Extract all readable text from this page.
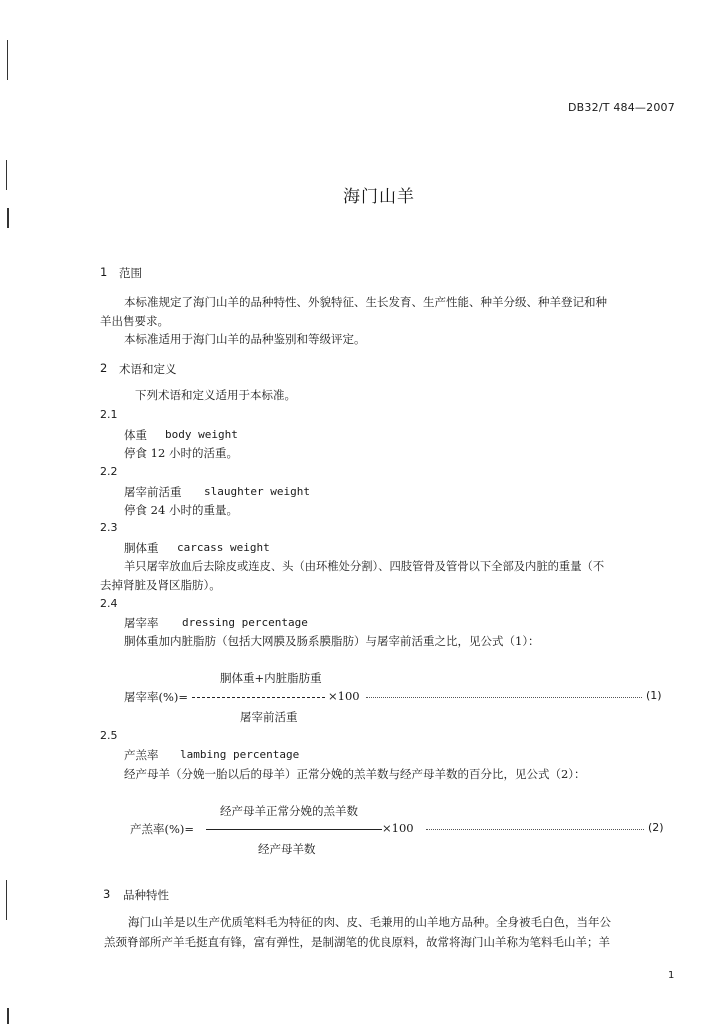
DB32/T 484—2007
海门山羊
1 范围
本标准规定了海门山羊的品种特性、外貌特征、生长发育、生产性能、种羊分级、种羊登记和种
羊出售要求。
本标准适用于海门山羊的品种鉴别和等级评定。
2 术语和定义
下列术语和定义适用于本标准。
2.1
体重 body weight
停食 12 小时的活重。
2.2
屠宰前活重 slaughter weight
停食 24 小时的重量。
2.3
胴体重 carcass weight
羊只屠宰放血后去除皮或连皮、头（由环椎处分割）、四肢管骨及管骨以下全部及内脏的重量（不
去掉肾脏及肾区脂肪）。
2.4
屠宰率 dressing percentage
胴体重加内脏脂肪（包括大网膜及肠系膜脂肪）与屠宰前活重之比，见公式（1）：
胴体重+内脏脂肪重
屠宰率(%)=	×100	(1)
屠宰前活重
2.5
产羔率 lambing percentage
经产母羊（分娩一胎以后的母羊）正常分娩的羔羊数与经产母羊数的百分比，见公式（2）：
经产母羊正常分娩的羔羊数
产羔率(%)=	×100	(2)
经产母羊数
3 品种特性
海门山羊是以生产优质笔料毛为特征的肉、皮、毛兼用的山羊地方品种。全身被毛白色，当年公
羔颈脊部所产羊毛挺直有锋，富有弹性，是制湖笔的优良原料，故常将海门山羊称为笔料毛山羊；羊
1
